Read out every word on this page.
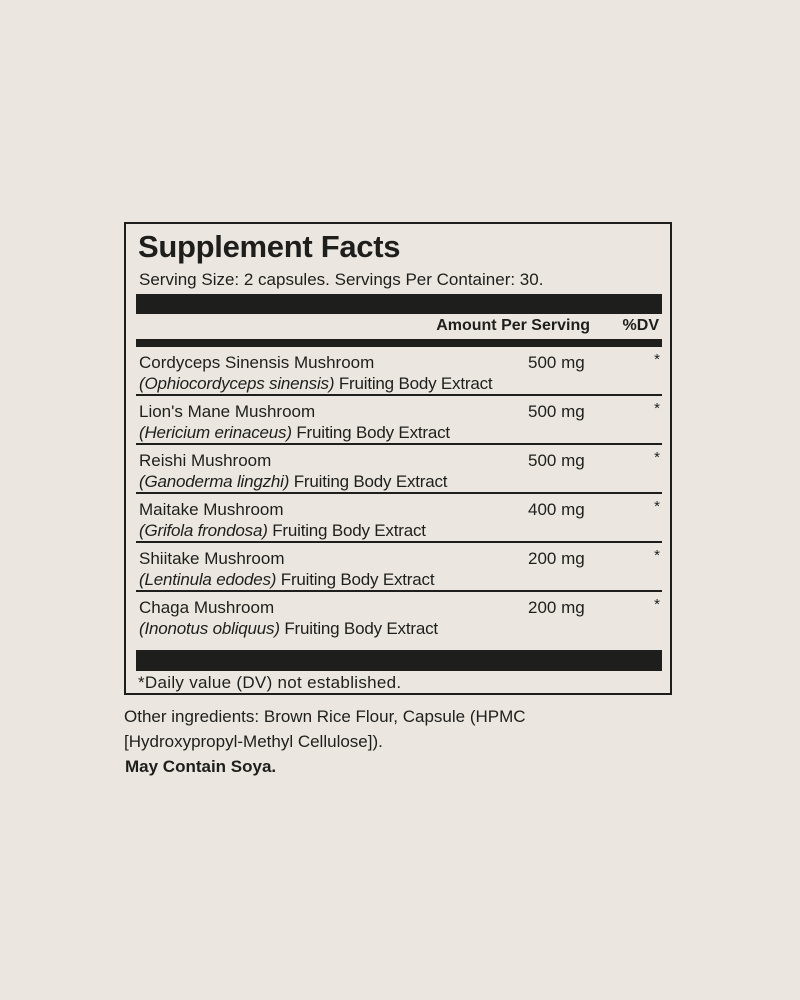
Supplement Facts
Serving Size: 2 capsules. Servings Per Container: 30.
Amount Per Serving %DV
Cordyceps Sinensis Mushroom
(Ophiocordyceps sinensis) Fruiting Body Extract
500 mg	*
Lion's Mane Mushroom
(Hericium erinaceus) Fruiting Body Extract
500 mg	*
Reishi Mushroom
(Ganoderma lingzhi) Fruiting Body Extract
500 mg	*
Maitake Mushroom
(Grifola frondosa) Fruiting Body Extract
400 mg	*
Shiitake Mushroom
(Lentinula edodes) Fruiting Body Extract
200 mg	*
Chaga Mushroom
(Inonotus obliquus) Fruiting Body Extract
200 mg	*
*Daily value (DV) not established.
Other ingredients: Brown Rice Flour, Capsule (HPMC [Hydroxypropyl-Methyl Cellulose]).
May Contain Soya.
